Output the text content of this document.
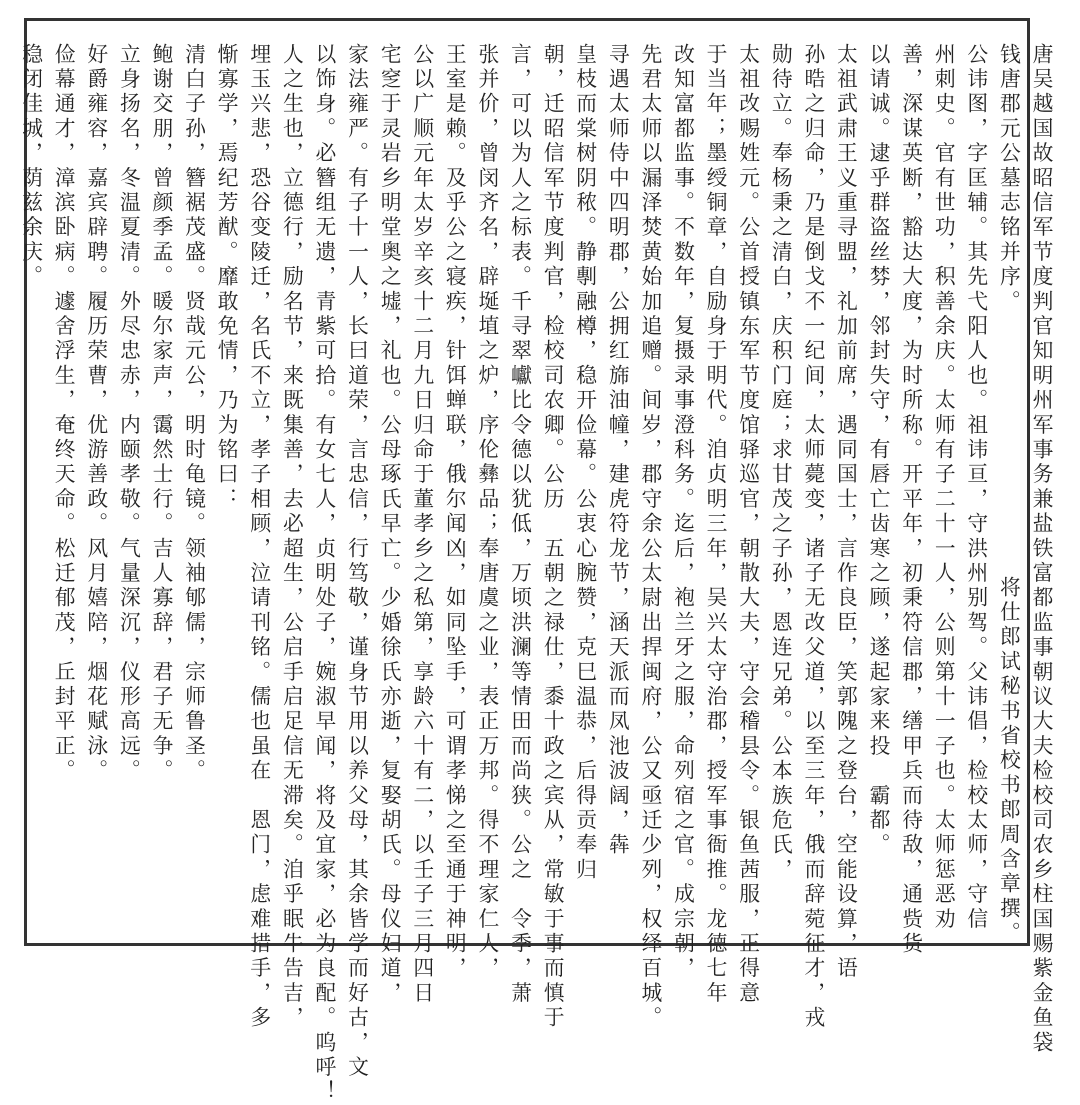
唐吴越国故昭信军节度判官知明州军事务兼盐铁富都监事朝议大夫检校司农乡柱国赐紫金鱼袋
钱唐郡元公墓志铭并序。　　　　　　　　　　　将仕郎试秘书省校书郎周含章撰。
公讳图，字匡辅。其先弋阳人也。祖讳亘，守洪州别驾。父讳倡，检校太师，守信
州刺史。官有世功，积善余庆。太师有子二十一人，公则第十一子也。太师惩恶劝
善，深谋英断，豁达大度，为时所称。开平年，初秉符信郡，缮甲兵而待敌，通赀货
以请诚。逮乎群盗丝棼，邻封失守，有唇亡齿寒之顾，遂起家来投　霸都。
太祖武肃王义重寻盟，礼加前席，遇同国士，言作良臣，笑郭隗之登台，空能设算，语
孙晧之归命，乃是倒戈不一纪间，太师薨变，诸子无改父道，以至三年，俄而辞菀征才，戎
勋待立。奉杨秉之清白，庆积门庭；求甘茂之子孙，恩连兄弟。公本族危氏，
太祖改赐姓元。公首授镇东军节度馆驿巡官，朝散大夫，守会稽县令。银鱼茜服，正得意
于当年；墨绶铜章，自励身于明代。洎贞明三年，吴兴太守治郡，授军事衙推。龙德七年
改知富都监事。不数年，复摄录事澄科务。迄后，袍兰牙之服，命列宿之官。成宗朝，
先君太师以漏泽焚黄始加追赠。间岁，郡守余公太尉出捍闽府，公又亟迁少列，权绎百城。
寻遇太师侍中四明郡，公拥红旆油幢，建虎符龙节，涵天派而凤池波阔，犇
皇枝而棠树阴秾。静剸融樽，稳开俭幕。公衷心腕赞，克巳温恭，后得贡奉归
朝，迁昭信军节度判官，检校司农卿。公历　五朝之禄仕，黍十政之宾从，常敏于事而慎于
言，可以为人之标表。千寻翠巘比令德以犹低，万顷洪澜等情田而尚狭。公之　令季，萧
张并价，曾闵齐名，辟埏埴之炉，序伦彝品；奉唐虞之业，表正万邦。得不理家仁人，
王室是赖。及乎公之寝疾，针饵蝉联，俄尔闻凶，如同坠手，可谓孝悌之至通于神明，
公以广顺元年太岁辛亥十二月九日归命于董孝乡之私第，享龄六十有二，以壬子三月四日
宅窆于灵岩乡明堂奥之墟，礼也。公母琢氏早亡。少婚徐氏亦逝，复娶胡氏。母仪妇道，
家法雍严。有子十一人，长曰道荣，言忠信，行笃敬，谨身节用以养父母，其余皆学而好古，文
以饰身。必簪组无遗，青紫可拾。有女七人，贞明处子，婉淑早闻，将及宜家，必为良配。呜呼！
人之生也，立德行，励名节，来既集善，去必超生，公启手启足信无滞矣。洎乎眠牛告吉，
埋玉兴悲，恐谷变陵迁，名氏不立，孝子相顾，泣请刊铭。儒也虽在　恩门，虑难措手，多
惭寡学，焉纪芳猷。靡敢免情，乃为铭曰：
清白子孙，簪裾茂盛。贤哉元公，明时龟镜。领袖郇儒，宗师鲁圣。
鲍谢交朋，曾颜季孟。暖尔家声，霭然士行。吉人寡辞，君子无争。
立身扬名，冬温夏清。外尽忠赤，内颐孝敬。气量深沉，仪形高远。
好爵雍容，嘉宾辟聘。履历荣曹，优游善政。风月嬉陪，烟花赋泳。
俭幕通才，漳滨卧病。遽舍浮生，奄终天命。松迁郁茂，丘封平正。
稳闭佳城，荫兹余庆。
